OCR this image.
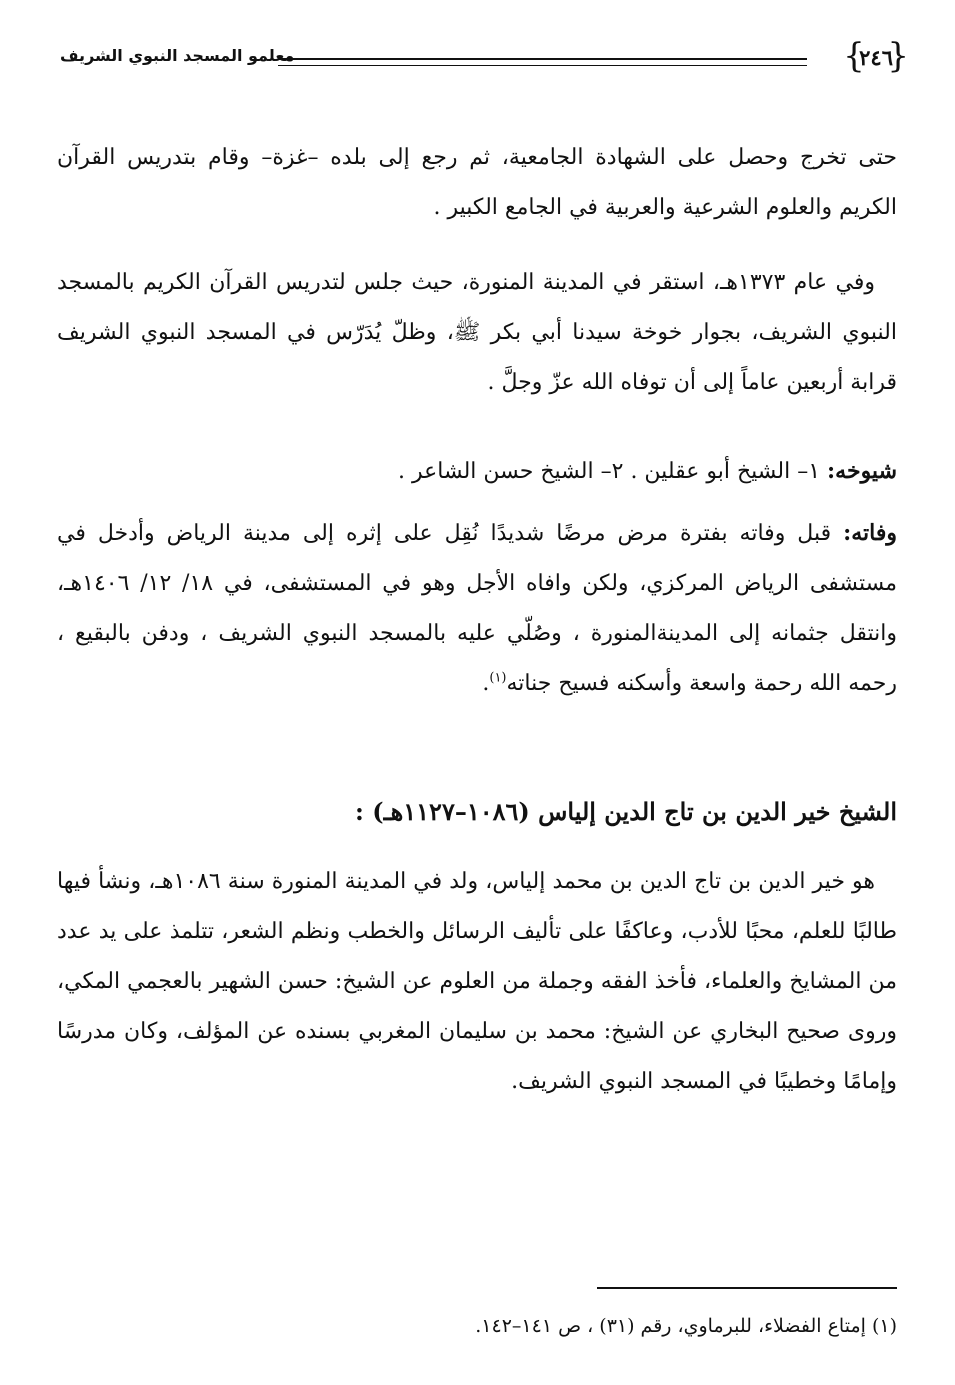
{ ٢٤٦ }
معلمو المسجد النبوي الشريف
حتى تخرج وحصل على الشهادة الجامعية، ثم رجع إلى بلده –غزة– وقام بتدريس القرآن الكريم والعلوم الشرعية والعربية في الجامع الكبير .
وفي عام ١٣٧٣هـ، استقر في المدينة المنورة، حيث جلس لتدريس القرآن الكريم بالمسجد النبوي الشريف، بجوار خوخة سيدنا أبي بكر ﷺ، وظلّ يُدَرّس في المسجد النبوي الشريف قرابة أربعين عاماً إلى أن توفاه الله عزّ وجلَّ .
شيوخه: ١– الشيخ أبو عقلين . ٢– الشيخ حسن الشاعر .
وفاته: قبل وفاته بفترة مرض مرضًا شديدًا نُقِل على إثره إلى مدينة الرياض وأدخل في مستشفى الرياض المركزي، ولكن وافاه الأجل وهو في المستشفى، في ١٨/ ١٢/ ١٤٠٦هـ، وانتقل جثمانه إلى المدينةالمنورة ، وصُلّي عليه بالمسجد النبوي الشريف ، ودفن بالبقيع ، رحمه الله رحمة واسعة وأسكنه فسيح جناته$^{(١)}$.
الشيخ خير الدين بن تاج الدين إلياس (١٠٨٦–١١٢٧هـ) :
هو خير الدين بن تاج الدين بن محمد إلياس، ولد في المدينة المنورة سنة ١٠٨٦هـ، ونشأ فيها طالبًا للعلم، محبًا للأدب، وعاكفًا على تأليف الرسائل والخطب ونظم الشعر، تتلمذ على يد عدد من المشايخ والعلماء، فأخذ الفقه وجملة من العلوم عن الشيخ: حسن الشهير بالعجمي المكي، وروى صحيح البخاري عن الشيخ: محمد بن سليمان المغربي بسنده عن المؤلف، وكان مدرسًا وإمامًا وخطيبًا في المسجد النبوي الشريف.
(١) إمتاع الفضلاء، للبرماوي، رقم (٣١) ، ص ١٤١–١٤٢.
